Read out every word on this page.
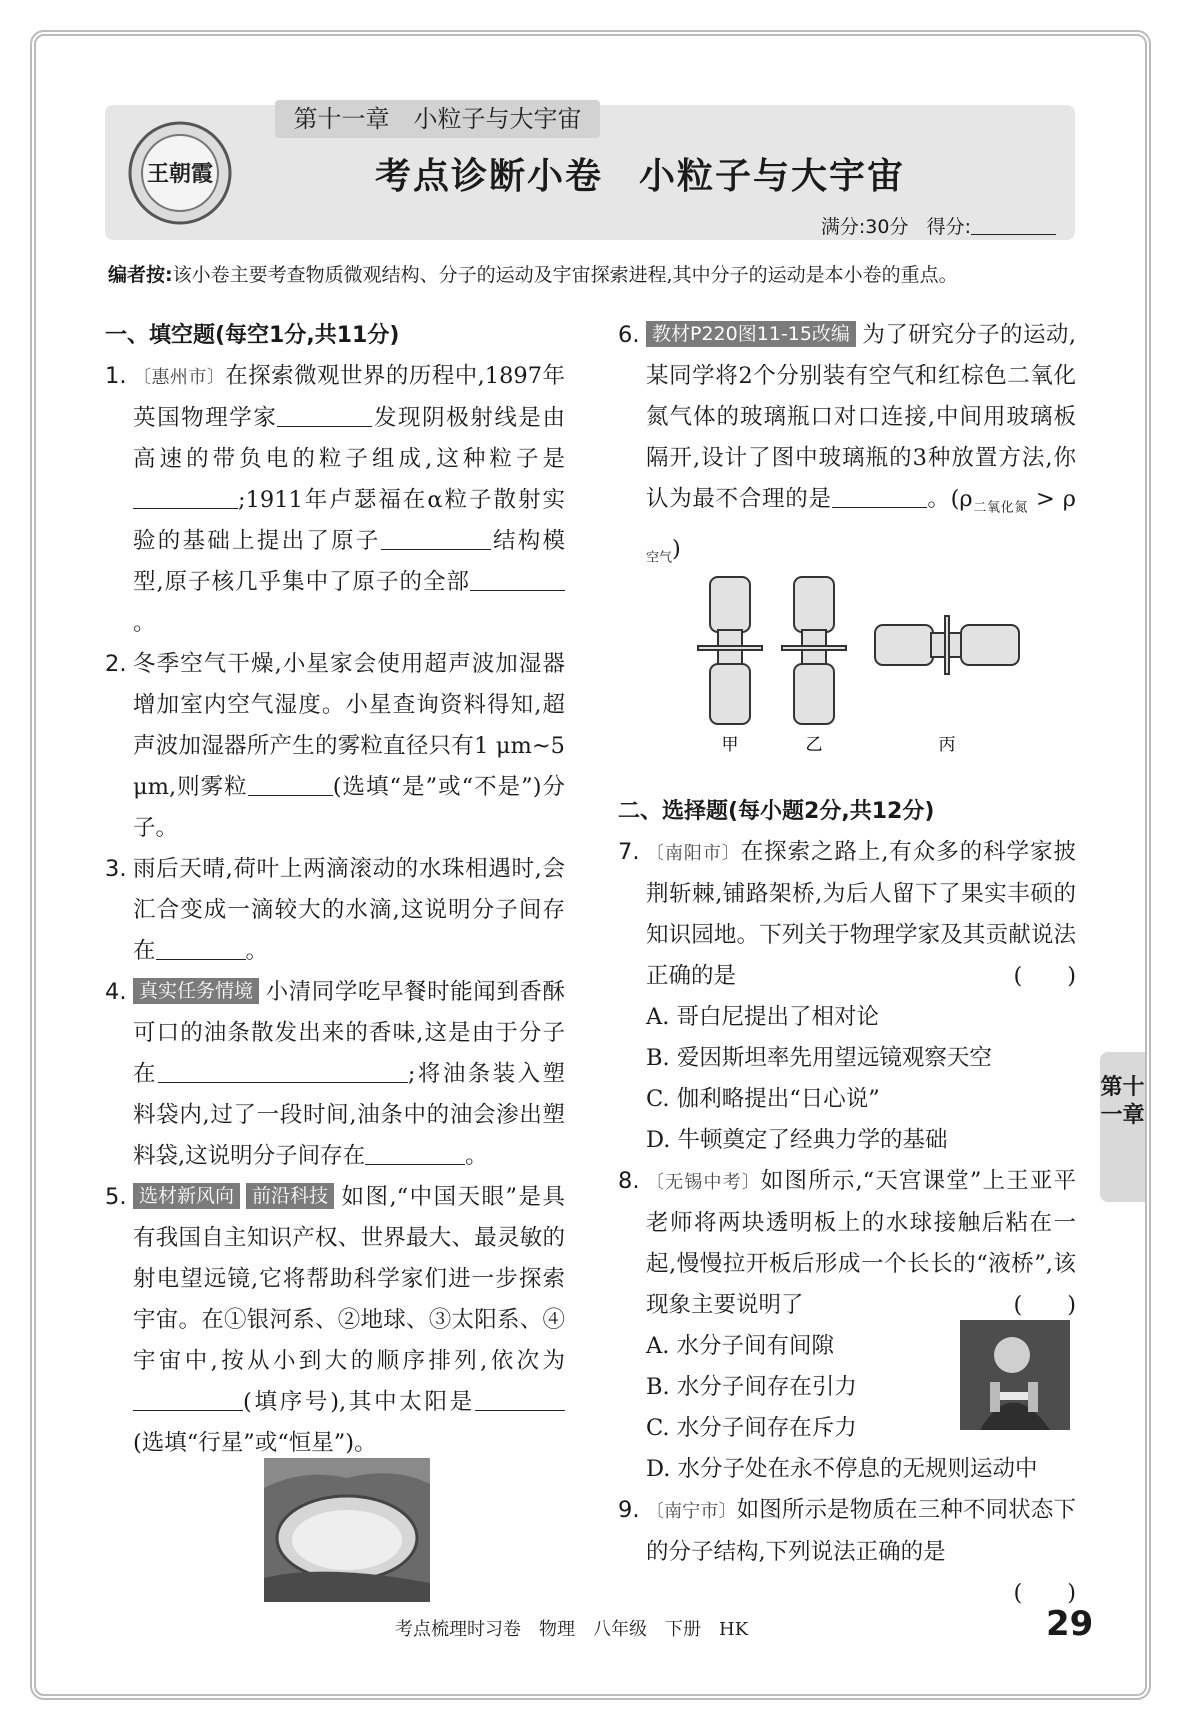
第十一章　小粒子与大宇宙
王朝霞	考点诊断小卷 小粒子与大宇宙
满分:30分 得分:
编者按:该小卷主要考查物质微观结构、分子的运动及宇宙探索进程,其中分子的运动是本小卷的重点。
一、填空题(每空1分,共11分)
1. 〔惠州市〕在探索微观世界的历程中,1897年英国物理学家	发现阴极射线是由高速的带负电的粒子组成,这种粒子是;1911年卢瑟福在α粒子散射实验的基础上提出了原子	结构模型,原子核几乎集中了原子的全部。
2. 冬季空气干燥,小星家会使用超声波加湿器增加室内空气湿度。小星查询资料得知,超声波加湿器所产生的雾粒直径只有1 μm~5 μm,则雾粒	(选填“是”或“不是”)分子。
3. 雨后天晴,荷叶上两滴滚动的水珠相遇时,会汇合变成一滴较大的水滴,这说明分子间存在	。
4. 真实任务情境 小清同学吃早餐时能闻到香酥可口的油条散发出来的香味,这是由于分子在	;将油条装入塑料袋内,过了一段时间,油条中的油会渗出塑料袋,这说明分子间存在	。
5. 选材新风向 前沿科技 如图,“中国天眼”是具有我国自主知识产权、世界最大、最灵敏的射电望远镜,它将帮助科学家们进一步探索宇宙。在①银河系、②地球、③太阳系、④宇宙中,按从小到大的顺序排列,依次为(填序号),其中太阳是(选填“行星”或“恒星”)。
6. 教材P220图11-15改编 为了研究分子的运动,某同学将2个分别装有空气和红棕色二氧化氮气体的玻璃瓶口对口连接,中间用玻璃板隔开,设计了图中玻璃瓶的3种放置方法,你认为最不合理的是	。$(\rho_{二氧化氮} > \rho_{空气})$
二、选择题(每小题2分,共12分)
7. 〔南阳市〕在探索之路上,有众多的科学家披荆斩棘,铺路架桥,为后人留下了果实丰硕的知识园地。下列关于物理学家及其贡献说法正确的是	(　　)
A. 哥白尼提出了相对论
B. 爱因斯坦率先用望远镜观察天空
C. 伽利略提出“日心说”
D. 牛顿奠定了经典力学的基础
8. 〔无锡中考〕如图所示,“天宫课堂”上王亚平老师将两块透明板上的水球接触后粘在一起,慢慢拉开板后形成一个长长的“液桥”,该现象主要说明了	(　　)
A. 水分子间有间隙
B. 水分子间存在引力
C. 水分子间存在斥力
D. 水分子处在永不停息的无规则运动中
9. 〔南宁市〕如图所示是物质在三种不同状态下的分子结构,下列说法正确的是
(　　)
甲	乙	丙
第十一章
考点梳理时习卷　物理　八年级　下册　HK	29
